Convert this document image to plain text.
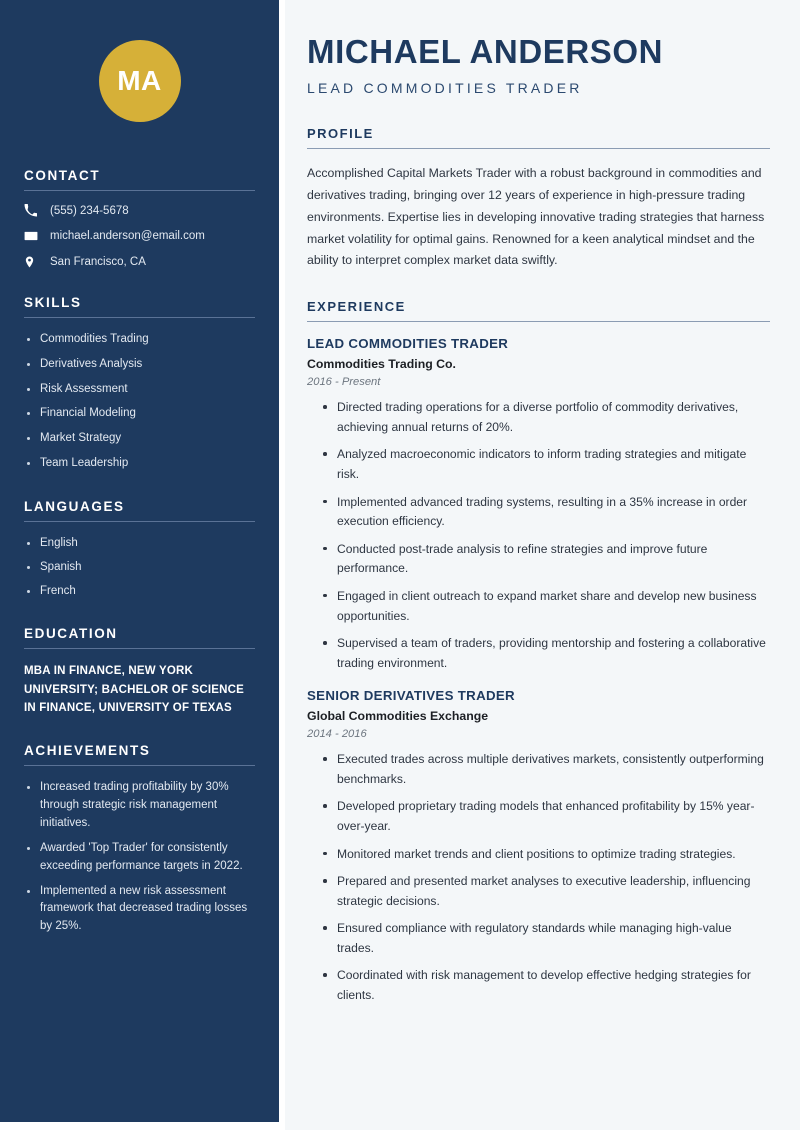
MA
CONTACT
(555) 234-5678
michael.anderson@email.com
San Francisco, CA
SKILLS
Commodities Trading
Derivatives Analysis
Risk Assessment
Financial Modeling
Market Strategy
Team Leadership
LANGUAGES
English
Spanish
French
EDUCATION
MBA IN FINANCE, NEW YORK UNIVERSITY; BACHELOR OF SCIENCE IN FINANCE, UNIVERSITY OF TEXAS
ACHIEVEMENTS
Increased trading profitability by 30% through strategic risk management initiatives.
Awarded 'Top Trader' for consistently exceeding performance targets in 2022.
Implemented a new risk assessment framework that decreased trading losses by 25%.
MICHAEL ANDERSON
LEAD COMMODITIES TRADER
PROFILE

Accomplished Capital Markets Trader with a robust background in commodities and derivatives trading, bringing over 12 years of experience in high-pressure trading environments. Expertise lies in developing innovative trading strategies that harness market volatility for optimal gains. Renowned for a keen analytical mindset and the ability to interpret complex market data swiftly.

EXPERIENCE
LEAD COMMODITIES TRADER
Commodities Trading Co.
2016 - Present
Directed trading operations for a diverse portfolio of commodity derivatives, achieving annual returns of 20%.
Analyzed macroeconomic indicators to inform trading strategies and mitigate risk.
Implemented advanced trading systems, resulting in a 35% increase in order execution efficiency.
Conducted post-trade analysis to refine strategies and improve future performance.
Engaged in client outreach to expand market share and develop new business opportunities.
Supervised a team of traders, providing mentorship and fostering a collaborative trading environment.
SENIOR DERIVATIVES TRADER
Global Commodities Exchange
2014 - 2016
Executed trades across multiple derivatives markets, consistently outperforming benchmarks.
Developed proprietary trading models that enhanced profitability by 15% year-over-year.
Monitored market trends and client positions to optimize trading strategies.
Prepared and presented market analyses to executive leadership, influencing strategic decisions.
Ensured compliance with regulatory standards while managing high-value trades.
Coordinated with risk management to develop effective hedging strategies for clients.
